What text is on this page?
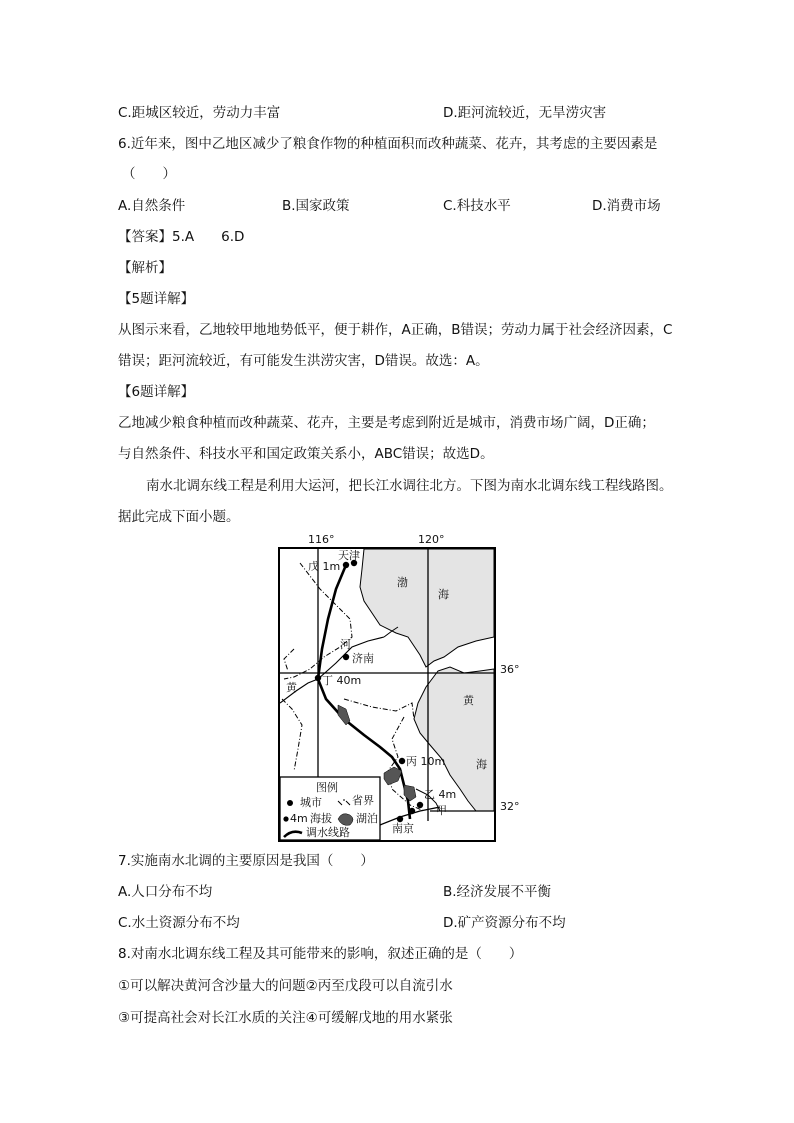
C.距城区较近，劳动力丰富	D.距河流较近，无旱涝灾害
6.近年来，图中乙地区减少了粮食作物的种植面积而改种蔬菜、花卉，其考虑的主要因素是
（　　）
A.自然条件	B.国家政策	C.科技水平	D.消费市场
【答案】5.A　　6.D
【解析】
【5题详解】
从图示来看，乙地较甲地地势低平，便于耕作，A正确，B错误；劳动力属于社会经济因素，C
错误；距河流较近，有可能发生洪涝灾害，D错误。故选：A。
【6题详解】
乙地减少粮食种植而改种蔬菜、花卉，主要是考虑到附近是城市，消费市场广阔，D正确；
与自然条件、科技水平和国定政策关系小，ABC错误；故选D。
南水北调东线工程是利用大运河，把长江水调往北方。下图为南水北调东线工程线路图。
据此完成下面小题。
116°	120°
36°
32°
天津
戊 1m
渤
海
河
济南
黄
丁 40m
黄
海
丙 10m
乙 4m
甲
南京
图例
城市	省界
4m 海拔 湖泊
调水线路
7.实施南水北调的主要原因是我国（　　）
A.人口分布不均	B.经济发展不平衡
C.水土资源分布不均	D.矿产资源分布不均
8.对南水北调东线工程及其可能带来的影响，叙述正确的是（　　）
①可以解决黄河含沙量大的问题②丙至戊段可以自流引水
③可提高社会对长江水质的关注④可缓解戊地的用水紧张
